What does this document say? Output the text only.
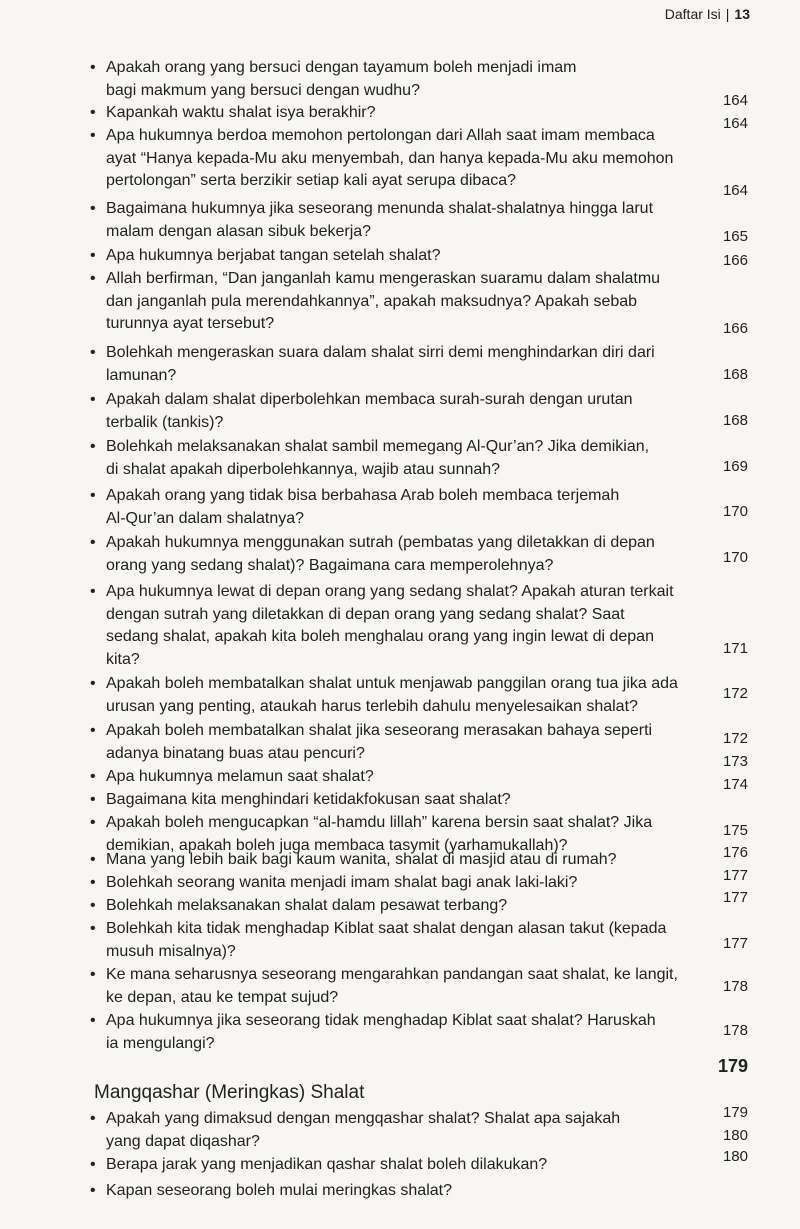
Daftar Isi | 13
• Apakah orang yang bersuci dengan tayamum boleh menjadi imam
bagi makmum yang bersuci dengan wudhu?
• Kapankah waktu shalat isya berakhir?
• Apa hukumnya berdoa memohon pertolongan dari Allah saat imam membaca
ayat “Hanya kepada-Mu aku menyembah, dan hanya kepada-Mu aku memohon
pertolongan” serta berzikir setiap kali ayat serupa dibaca?
• Bagaimana hukumnya jika seseorang menunda shalat-shalatnya hingga larut
malam dengan alasan sibuk bekerja?
• Apa hukumnya berjabat tangan setelah shalat?
• Allah berfirman, “Dan janganlah kamu mengeraskan suaramu dalam shalatmu
dan janganlah pula merendahkannya”, apakah maksudnya? Apakah sebab
turunnya ayat tersebut?
• Bolehkah mengeraskan suara dalam shalat sirri demi menghindarkan diri dari
lamunan?
• Apakah dalam shalat diperbolehkan membaca surah-surah dengan urutan
terbalik (tankis)?
• Bolehkah melaksanakan shalat sambil memegang Al-Qur’an? Jika demikian,
di shalat apakah diperbolehkannya, wajib atau sunnah?
• Apakah orang yang tidak bisa berbahasa Arab boleh membaca terjemah
Al-Qur’an dalam shalatnya?
• Apakah hukumnya menggunakan sutrah (pembatas yang diletakkan di depan
orang yang sedang shalat)? Bagaimana cara memperolehnya?
• Apa hukumnya lewat di depan orang yang sedang shalat? Apakah aturan terkait
dengan sutrah yang diletakkan di depan orang yang sedang shalat? Saat
sedang shalat, apakah kita boleh menghalau orang yang ingin lewat di depan
kita?
• Apakah boleh membatalkan shalat untuk menjawab panggilan orang tua jika ada
urusan yang penting, ataukah harus terlebih dahulu menyelesaikan shalat?
• Apakah boleh membatalkan shalat jika seseorang merasakan bahaya seperti
adanya binatang buas atau pencuri?
• Apa hukumnya melamun saat shalat?
• Bagaimana kita menghindari ketidakfokusan saat shalat?
• Apakah boleh mengucapkan “al-hamdu lillah” karena bersin saat shalat? Jika
demikian, apakah boleh juga membaca tasymit (yarhamukallah)?
• Mana yang lebih baik bagi kaum wanita, shalat di masjid atau di rumah?
• Bolehkah seorang wanita menjadi imam shalat bagi anak laki-laki?
• Bolehkah melaksanakan shalat dalam pesawat terbang?
• Bolehkah kita tidak menghadap Kiblat saat shalat dengan alasan takut (kepada
musuh misalnya)?
• Ke mana seharusnya seseorang mengarahkan pandangan saat shalat, ke langit,
ke depan, atau ke tempat sujud?
• Apa hukumnya jika seseorang tidak menghadap Kiblat saat shalat? Haruskah
ia mengulangi?
• Apakah yang dimaksud dengan mengqashar shalat? Shalat apa sajakah
yang dapat diqashar?
• Berapa jarak yang menjadikan qashar shalat boleh dilakukan?
• Kapan seseorang boleh mulai meringkas shalat?
Mangqashar (Meringkas) Shalat
164
164
164
165
166
166
168
168
169
170
170
171
172
172
173
174
175
176
177
177
177
178
178
179
179
180
180
